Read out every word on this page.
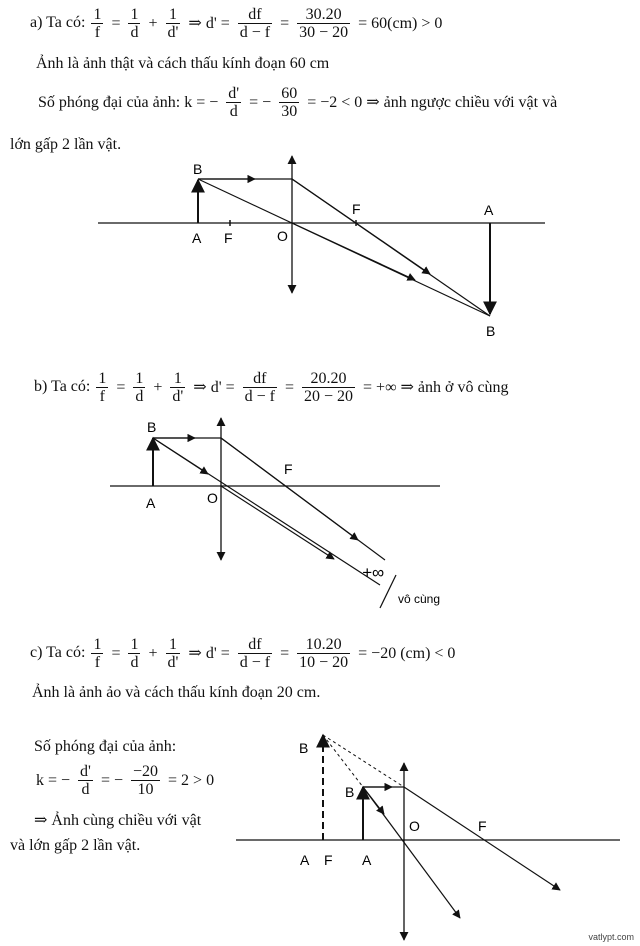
a) Ta có: $\frac{1}{f} = \frac{1}{d} + \frac{1}{d'}$ ⇒ $d' = \frac{df}{d - f} = \frac{30.20}{30 - 20} = 60(cm) > 0$
Ảnh là ảnh thật và cách thấu kính đoạn 60 cm
Số phóng đại của ảnh: k = − $\frac{d'}{d}$ = − $\frac{60}{30} = -2 < 0$ ⇒ ảnh ngược chiều với vật và
lớn gấp 2 lần vật.
B
A F	O
F	A
B
b) Ta có: $\frac{1}{f} = \frac{1}{d} + \frac{1}{d'}$ ⇒ $d' = \frac{df}{d - f} = \frac{20.20}{20 - 20}$ = +∞ ⇒ ảnh ở vô cùng
B
A	O
F
+∞
vô cùng
c) Ta có: $\frac{1}{f} = \frac{1}{d} + \frac{1}{d'}$ ⇒ $d' = \frac{df}{d - f} = \frac{10.20}{10 - 20} = -20$ (cm) < 0
Ảnh là ảnh ảo và cách thấu kính đoạn 20 cm.
Số phóng đại của ảnh:
k = − $\frac{d'}{d}$ = − $\frac{-20}{10} = 2 > 0$
⇒ Ảnh cùng chiều với vật
và lớn gấp 2 lần vật.
B
B
A F A
O	F
vatlypt.com
